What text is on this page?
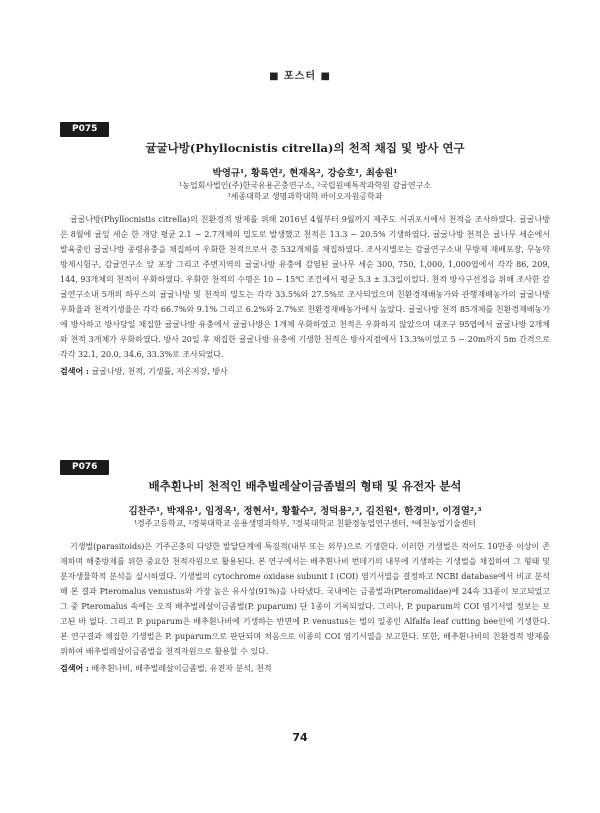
■ 포스터 ■
P075
귤굴나방(Phyllocnistis citrella)의 천적 채집 및 방사 연구
박영규¹, 황록연², 현재옥², 강승호¹, 최송원¹
¹농업회사법인(주)한국유용곤충연구소, ²국립원예특작과학원 감귤연구소
³세종대학교 생명과학대학 바이오자원공학과

귤굴나방(Phyllocnistis citrella)의 친환경적 방제를 위해 2016년 4월부터 9월까지 제주도 서귀포시에서 천적을 조사하였다. 귤굴나방은 8월에 귤잎 세순 한 개당 평균 2.1 ~ 2.7개체의 밀도로 발생했고 천적은 13.3 ~ 20.5% 기생하였다. 귤굴나방 천적은 귤나무 세순에서 발육중인 귤굴나방 종령유충을 채집하여 우화한 천적으로서 총 532개체를 채집하였다. 조사지별로는 감귤연구소내 무방제 재배포장, 무농약 방제시험구, 감귤연구소 앞 포장 그리고 주변지역의 귤굴나방 유충에 감염된 귤나무 세순 300, 750, 1,000, 1,000엽에서 각각 86, 209, 144, 93개체의 천적이 우화하였다. 우화한 천적의 수명은 10 ~ 15℃ 조건에서 평균 5.3 ± 3.3일이었다. 천적 방사구선정을 위해 조사한 감귤연구소내 5개의 하우스의 귤굴나방 및 천적의 밀도는 각각 33.5%와 27.5%로 조사되었으며 친환경재배농가와 관행재배농가의 귤굴나방 우화율과 천적기생율은 각각 66.7%와 9.1% 그리고 6.2%와 2.7%로 친환경재배농가에서 높았다. 귤굴나방 천적 85개체를 친환경재배농가에 방사하고 방사당일 채집한 귤굴나방 유충에서 귤굴나방은 1개체 우화하였고 천적은 우화하지 않았으며 대조구 95엽에서 귤굴나방 2개체와 천적 3개체가 우화하였다. 방사 20일 후 채집한 귤굴나방 유충에 기생한 천적은 방사지점에서 13.3%이었고 5 ~ 20m까지 5m 간격으로 각각 32.1, 20.0, 34.6, 33.3%로 조사되었다.

검색어 : 귤굴나방, 천적, 기생률, 저온저장, 방사
P076
배추흰나비 천적인 배추벌레살이금좀벌의 형태 및 유전자 분석
김찬주¹, 박재유¹, 임정옥¹, 정현서¹, 황활수², 정덕용²,³, 김진원⁴, 한경미¹, 이경열²,³
¹경주고등학교, ²경북대학교 응용생명과학부, ³경북대학교 친환경농업연구센터, ⁴예천농업기술센터

기생벌(parasitoids)은 기주곤충의 다양한 발달단계에 특징적(내부 또는 외부)으로 기생한다. 이러한 기생벌은 적어도 10만종 이상이 존재하며 해충방제를 위한 중요한 천적자원으로 활용된다. 본 연구에서는 배추흰나비 번데기의 내부에 기생하는 기생벌을 채집하여 그 형태 및 분자생물학적 분석을 실시하였다. 기생벌의 cytochrome oxidase subunit I (COI) 염기서열을 결정하고 NCBI database에서 비교 분석해 본 결과 Pteromalus venustus와 가장 높은 유사성(91%)을 나타냈다. 국내에는 금좀벌과(Pteromalidae)에 24속 33종이 보고되었고 그 중 Pteromalus 속에는 오직 배추벌레살이금좀벌(P. puparum) 단 1종이 기록되었다. 그러나, P. puparum의 COI 염기서열 정보는 보고된 바 없다. 그리고 P. puparum은 배추흰나비에 기생하는 반면에 P. venustus는 벌의 일종인 Alfalfa leaf cutting bee인에 기생한다. 본 연구결과 채집한 기생벌은 P. puparum으로 판단되며 처음으로 이종의 COI 염기서열을 보고한다. 또한, 배추흰나비의 친환경적 방제를 위하여 배추벌레살이금좀벌을 천적자원으로 활용할 수 있다.

검색어 : 배추흰나비, 배추벌레살이금좀벌, 유전자 분석, 천적
74
